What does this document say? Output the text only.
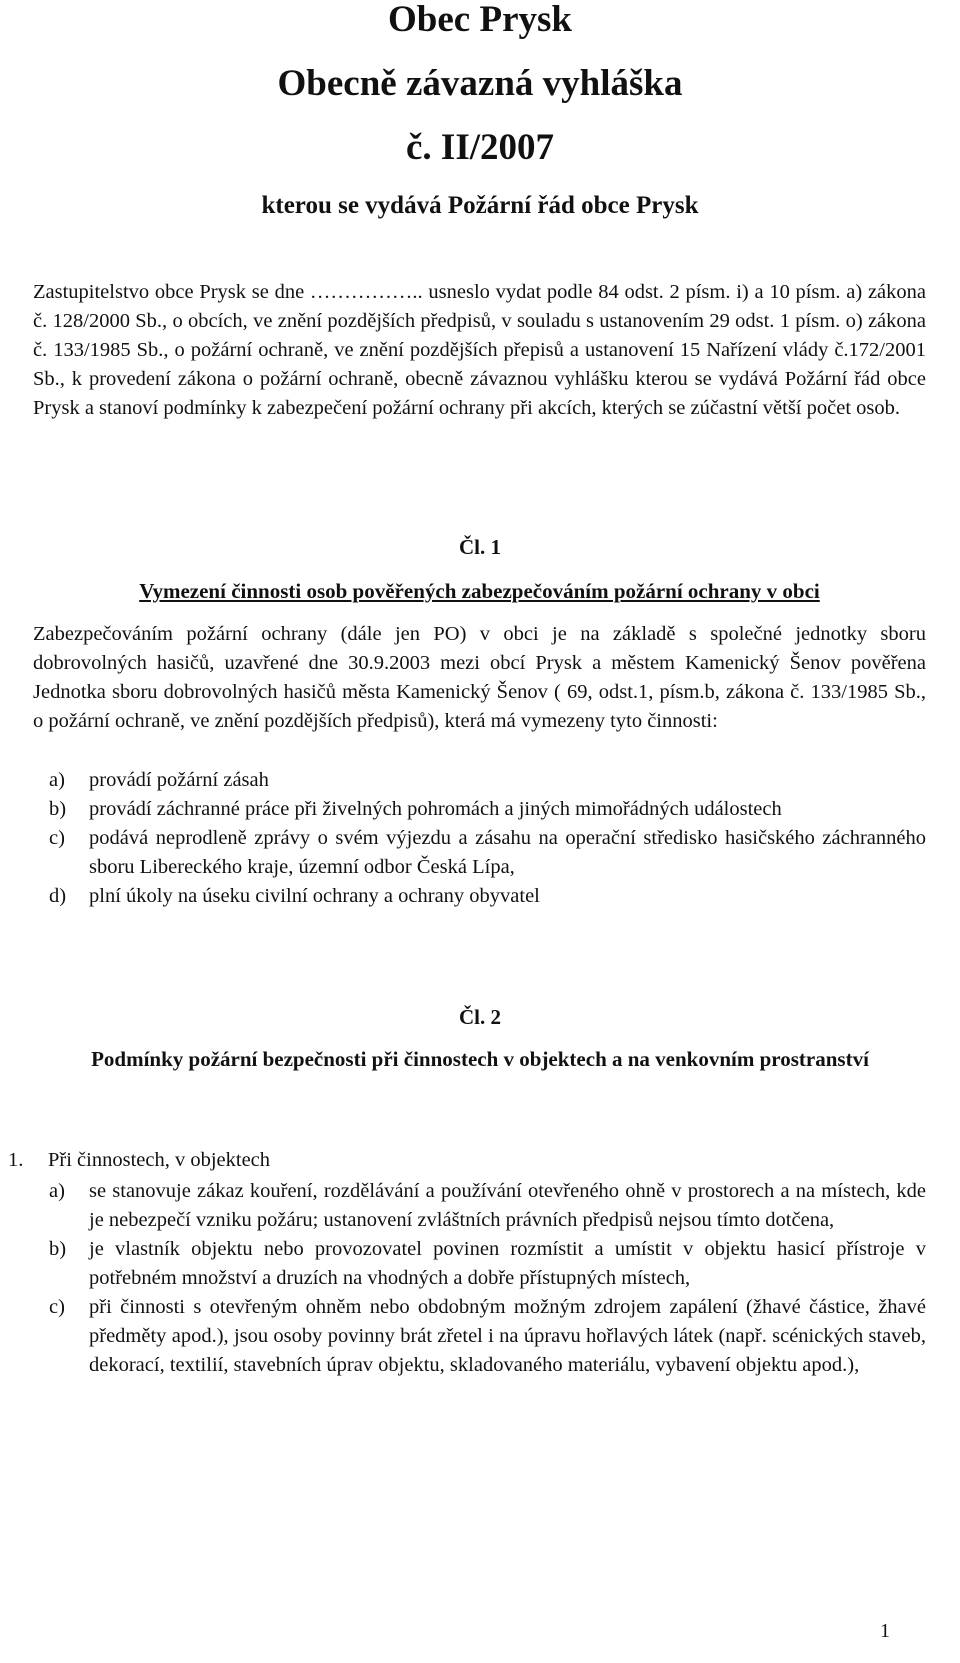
Obec Prysk
Obecně závazná vyhláška
č. II/2007
kterou se vydává Požární řád obce Prysk

Zastupitelstvo obce Prysk se dne …………….. usneslo vydat podle 84 odst. 2 písm. i) a 10 písm. a) zákona č. 128/2000 Sb., o obcích, ve znění pozdějších předpisů, v souladu s ustanovením 29 odst. 1 písm. o) zákona č. 133/1985 Sb., o požární ochraně, ve znění pozdějších přepisů a ustanovení 15 Nařízení vlády č.172/2001 Sb., k provedení zákona o požární ochraně, obecně závaznou vyhlášku kterou se vydává Požární řád obce Prysk a stanoví podmínky k zabezpečení požární ochrany při akcích, kterých se zúčastní větší počet osob.

Čl. 1
Vymezení činnosti osob pověřených zabezpečováním požární ochrany v obci

Zabezpečováním požární ochrany (dále jen PO) v obci je na základě s společné jednotky sboru dobrovolných hasičů, uzavřené dne 30.9.2003 mezi obcí Prysk a městem Kamenický Šenov pověřena Jednotka sboru dobrovolných hasičů města Kamenický Šenov ( 69, odst.1, písm.b, zákona č. 133/1985 Sb., o požární ochraně, ve znění pozdějších předpisů), která má vymezeny tyto činnosti:

a) provádí požární zásah
b) provádí záchranné práce při živelných pohromách a jiných mimořádných událostech
c) podává neprodleně zprávy o svém výjezdu a zásahu na operační středisko hasičského záchranného sboru Libereckého kraje, územní odbor Česká Lípa,
d) plní úkoly na úseku civilní ochrany a ochrany obyvatel
Čl. 2
Podmínky požární bezpečnosti při činnostech v objektech a na venkovním prostranství
1. Při činnostech, v objektech
a) se stanovuje zákaz kouření, rozdělávání a používání otevřeného ohně v prostorech a na místech, kde je nebezpečí vzniku požáru; ustanovení zvláštních právních předpisů nejsou tímto dotčena,
b) je vlastník objektu nebo provozovatel povinen rozmístit a umístit v objektu hasicí přístroje v potřebném množství a druzích na vhodných a dobře přístupných místech,
c) při činnosti s otevřeným ohněm nebo obdobným možným zdrojem zapálení (žhavé částice, žhavé předměty apod.), jsou osoby povinny brát zřetel i na úpravu hořlavých látek (např. scénických staveb, dekorací, textilií, stavebních úprav objektu, skladovaného materiálu, vybavení objektu apod.),
1
